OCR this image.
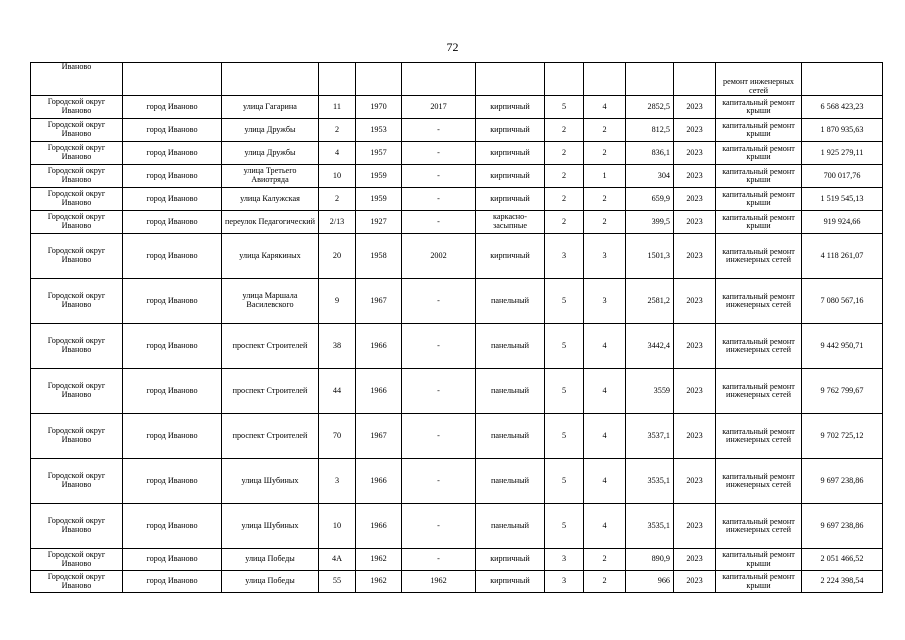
72
Иваново											ремонт инженерных сетей	
Городской округ Иваново	город Иваново	улица Гагарина	11	1970	2017	кирпичный	5	4	2852,5	2023	капитальный ремонт крыши	6 568 423,23
Городской округ Иваново	город Иваново	улица Дружбы	2	1953	-	кирпичный	2	2	812,5	2023	капитальный ремонт крыши	1 870 935,63
Городской округ Иваново	город Иваново	улица Дружбы	4	1957	-	кирпичный	2	2	836,1	2023	капитальный ремонт крыши	1 925 279,11
Городской округ Иваново	город Иваново	улица Третьего Авиотряда	10	1959	-	кирпичный	2	1	304	2023	капитальный ремонт крыши	700 017,76
Городской округ Иваново	город Иваново	улица Калужская	2	1959	-	кирпичный	2	2	659,9	2023	капитальный ремонт крыши	1 519 545,13
Городской округ Иваново	город Иваново	переулок Педагогический	2/13	1927	-	каркасно-засыпные	2	2	399,5	2023	капитальный ремонт крыши	919 924,66
Городской округ Иваново	город Иваново	улица Карякиных	20	1958	2002	кирпичный	3	3	1501,3	2023	капитальный ремонт инженерных сетей	4 118 261,07
Городской округ Иваново	город Иваново	улица Маршала Василевского	9	1967	-	панельный	5	3	2581,2	2023	капитальный ремонт инженерных сетей	7 080 567,16
Городской округ Иваново	город Иваново	проспект Строителей	38	1966	-	панельный	5	4	3442,4	2023	капитальный ремонт инженерных сетей	9 442 950,71
Городской округ Иваново	город Иваново	проспект Строителей	44	1966	-	панельный	5	4	3559	2023	капитальный ремонт инженерных сетей	9 762 799,67
Городской округ Иваново	город Иваново	проспект Строителей	70	1967	-	панельный	5	4	3537,1	2023	капитальный ремонт инженерных сетей	9 702 725,12
Городской округ Иваново	город Иваново	улица Шубиных	3	1966	-	панельный	5	4	3535,1	2023	капитальный ремонт инженерных сетей	9 697 238,86
Городской округ Иваново	город Иваново	улица Шубиных	10	1966	-	панельный	5	4	3535,1	2023	капитальный ремонт инженерных сетей	9 697 238,86
Городской округ Иваново	город Иваново	улица Победы	4А	1962	-	кирпичный	3	2	890,9	2023	капитальный ремонт крыши	2 051 466,52
Городской округ Иваново	город Иваново	улица Победы	55	1962	1962	кирпичный	3	2	966	2023	капитальный ремонт крыши	2 224 398,54
